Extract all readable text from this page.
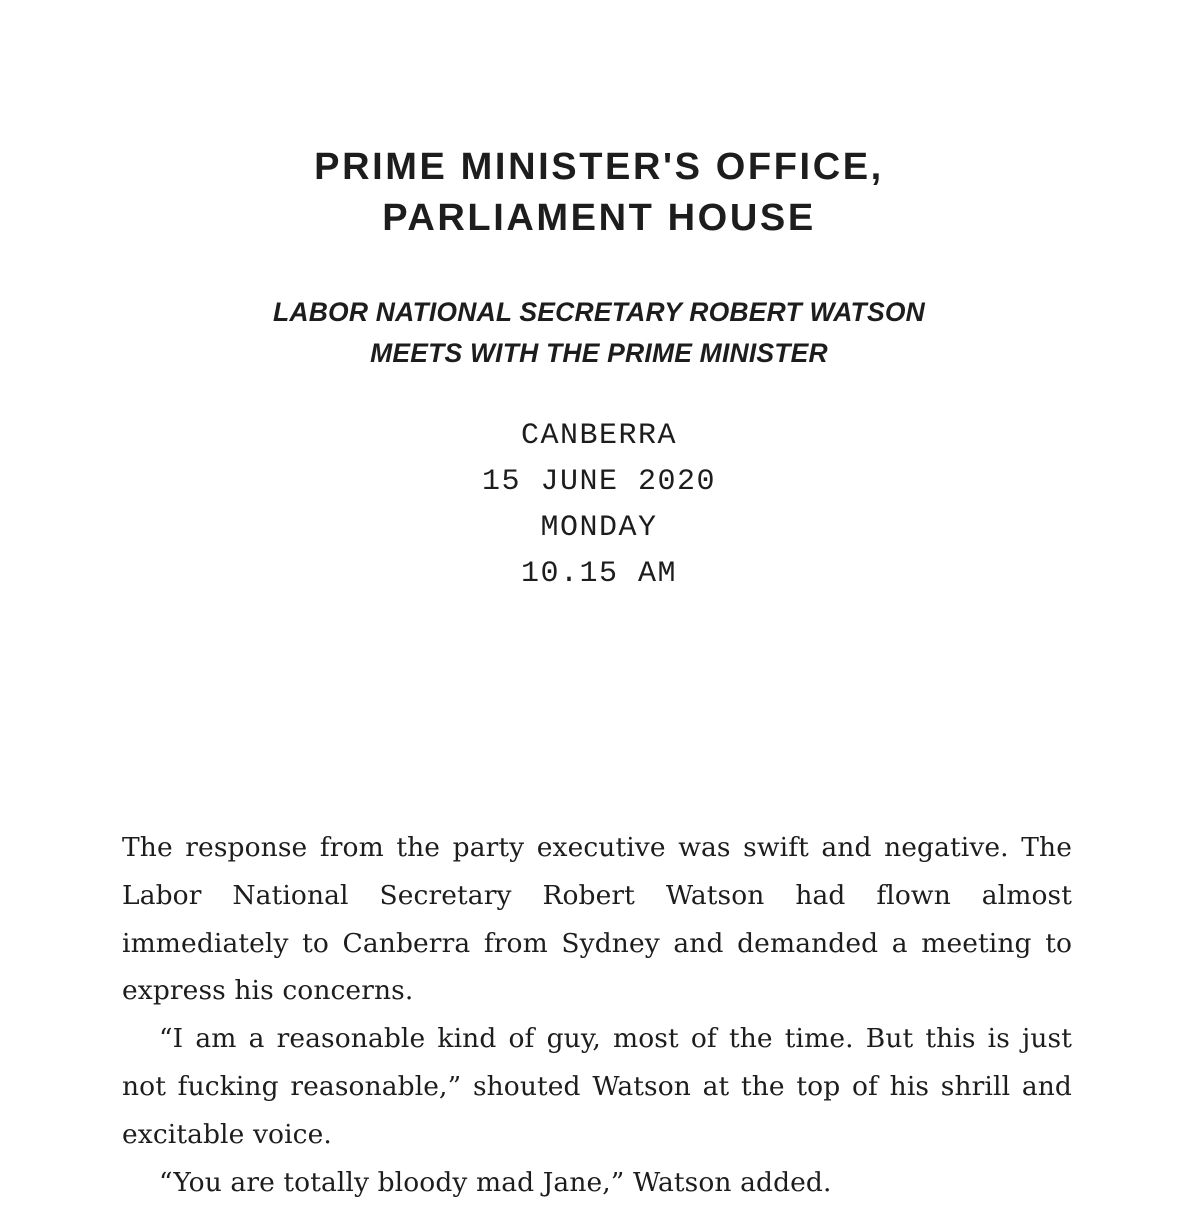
PRIME MINISTER'S OFFICE,
PARLIAMENT HOUSE
LABOR NATIONAL SECRETARY ROBERT WATSON
MEETS WITH THE PRIME MINISTER
CANBERRA
15 JUNE 2020
MONDAY
10.15 AM

The response from the party executive was swift and negative. The Labor National Secretary Robert Watson had flown almost immediately to Canberra from Sydney and demanded a meeting to express his concerns.

“I am a reasonable kind of guy, most of the time. But this is just not fucking reasonable,” shouted Watson at the top of his shrill and excitable voice.

“You are totally bloody mad Jane,” Watson added.
